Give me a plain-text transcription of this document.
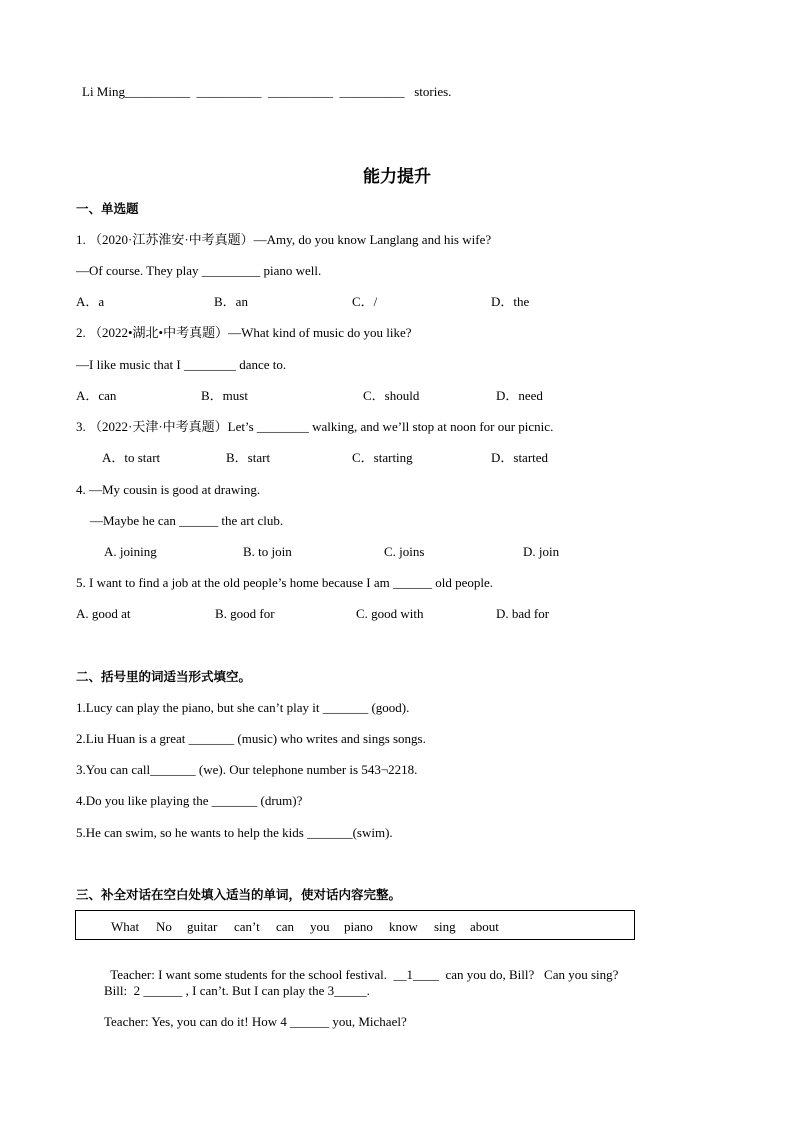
Li Ming__________  __________  __________  __________   stories.
能力提升
一、单选题
1. （2020·江苏淮安·中考真题）—Amy, do you know Langlang and his wife?
—Of course. They play _________ piano well.
A．a	B．an	C．/	D．the
2. （2022•湖北•中考真题）—What kind of music do you like?
—I like music that I ________ dance to.
A．can	B．must	C．should	D．need
3. （2022·天津·中考真题）Let’s ________ walking, and we’ll stop at noon for our picnic.
A．to start	B．start	C．starting	D．started
4. —My cousin is good at drawing.
—Maybe he can ______ the art club.
A. joining	B. to join	C. joins	D. join
5. I want to find a job at the old people’s home because I am ______ old people.
A. good at	B. good for	C. good with	D. bad for
二、括号里的词适当形式填空。
1.Lucy can play the piano, but she can’t play it _______ (good).
2.Liu Huan is a great _______ (music) who writes and sings songs.
3.You can call_______ (we). Our telephone number is 543¬2218.
4.Do you like playing the _______ (drum)?
5.He can swim, so he wants to help the kids _______(swim).
三、补全对话在空白处填入适当的单词，使对话内容完整。
What No guitar can’t can you piano know sing about

Teacher: I want some students for the school festival.  __1____  can you do, Bill?   Can you sing?

Bill:  2 ______ , I can’t. But I can play the 3_____.
Teacher: Yes, you can do it! How 4 ______ you, Michael?
